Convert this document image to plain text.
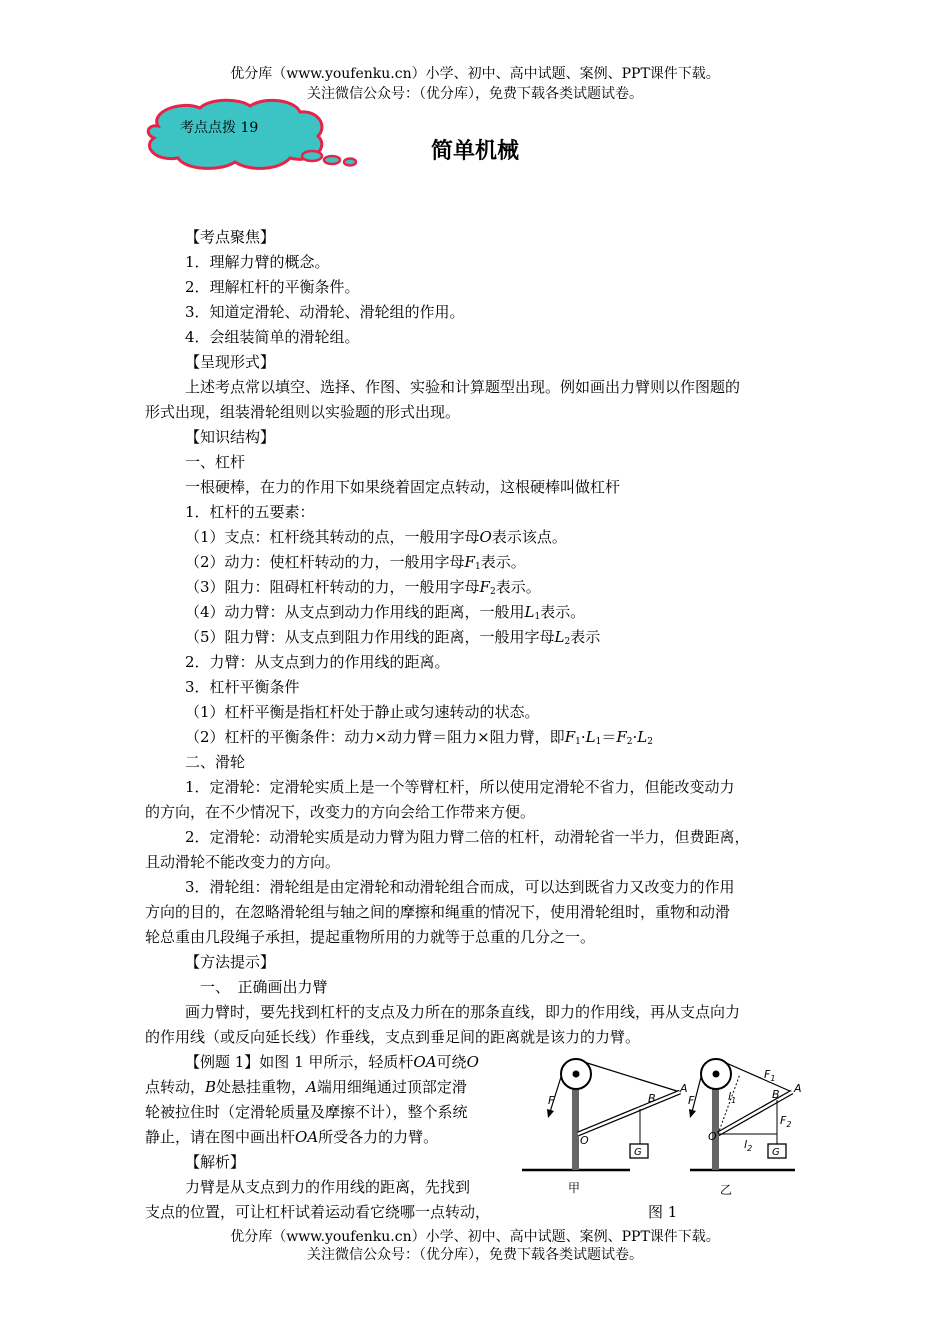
优分库（www.youfenku.cn）小学、初中、高中试题、案例、PPT课件下载。
关注微信公众号：（优分库），免费下载各类试题试卷。
考点点拨 19
简单机械
【考点聚焦】
1．理解力臂的概念。
2．理解杠杆的平衡条件。
3．知道定滑轮、动滑轮、滑轮组的作用。
4．会组装简单的滑轮组。
【呈现形式】
上述考点常以填空、选择、作图、实验和计算题型出现。例如画出力臂则以作图题的
形式出现，组装滑轮组则以实验题的形式出现。
【知识结构】
一、杠杆
一根硬棒，在力的作用下如果绕着固定点转动，这根硬棒叫做杠杆
1．杠杆的五要素：
（1）支点：杠杆绕其转动的点，一般用字母O表示该点。
（2）动力：使杠杆转动的力，一般用字母$F_1$表示。
（3）阻力：阻碍杠杆转动的力，一般用字母$F_2$表示。
（4）动力臂：从支点到动力作用线的距离，一般用$L_1$表示。
（5）阻力臂：从支点到阻力作用线的距离，一般用字母$L_2$表示
2．力臂：从支点到力的作用线的距离。
3．杠杆平衡条件
（1）杠杆平衡是指杠杆处于静止或匀速转动的状态。
（2）杠杆的平衡条件：动力×动力臂＝阻力×阻力臂，即$F_1\cdot L_1=F_2\cdot L_2$
二、滑轮
1．定滑轮：定滑轮实质上是一个等臂杠杆，所以使用定滑轮不省力，但能改变动力
的方向，在不少情况下，改变力的方向会给工作带来方便。
2．定滑轮：动滑轮实质是动力臂为阻力臂二倍的杠杆，动滑轮省一半力，但费距离，
且动滑轮不能改变力的方向。
3．滑轮组：滑轮组是由定滑轮和动滑轮组合而成，可以达到既省力又改变力的作用
方向的目的，在忽略滑轮组与轴之间的摩擦和绳重的情况下，使用滑轮组时，重物和动滑
轮总重由几段绳子承担，提起重物所用的力就等于总重的几分之一。
【方法提示】
一、　正确画出力臂
画力臂时，要先找到杠杆的支点及力所在的那条直线，即力的作用线，再从支点向力
的作用线（或反向延长线）作垂线，支点到垂足间的距离就是该力的力臂。
【例题 1】如图 1 甲所示，轻质杆OA可绕O
点转动，B处悬挂重物，A端用细绳通过顶部定滑
轮被拉住时（定滑轮质量及摩擦不计），整个系统
静止，请在图中画出杆OA所受各力的力臂。
【解析】
力臂是从支点到力的作用线的距离，先找到
支点的位置，可让杠杆试着运动看它绕哪一点转动，
F
A
B
O
G
甲
F
A
B
O
G
$F_1$
$F_2$
$l_1$
$l_2$
乙
图 1
优分库（www.youfenku.cn）小学、初中、高中试题、案例、PPT课件下载。
关注微信公众号：（优分库），免费下载各类试题试卷。
